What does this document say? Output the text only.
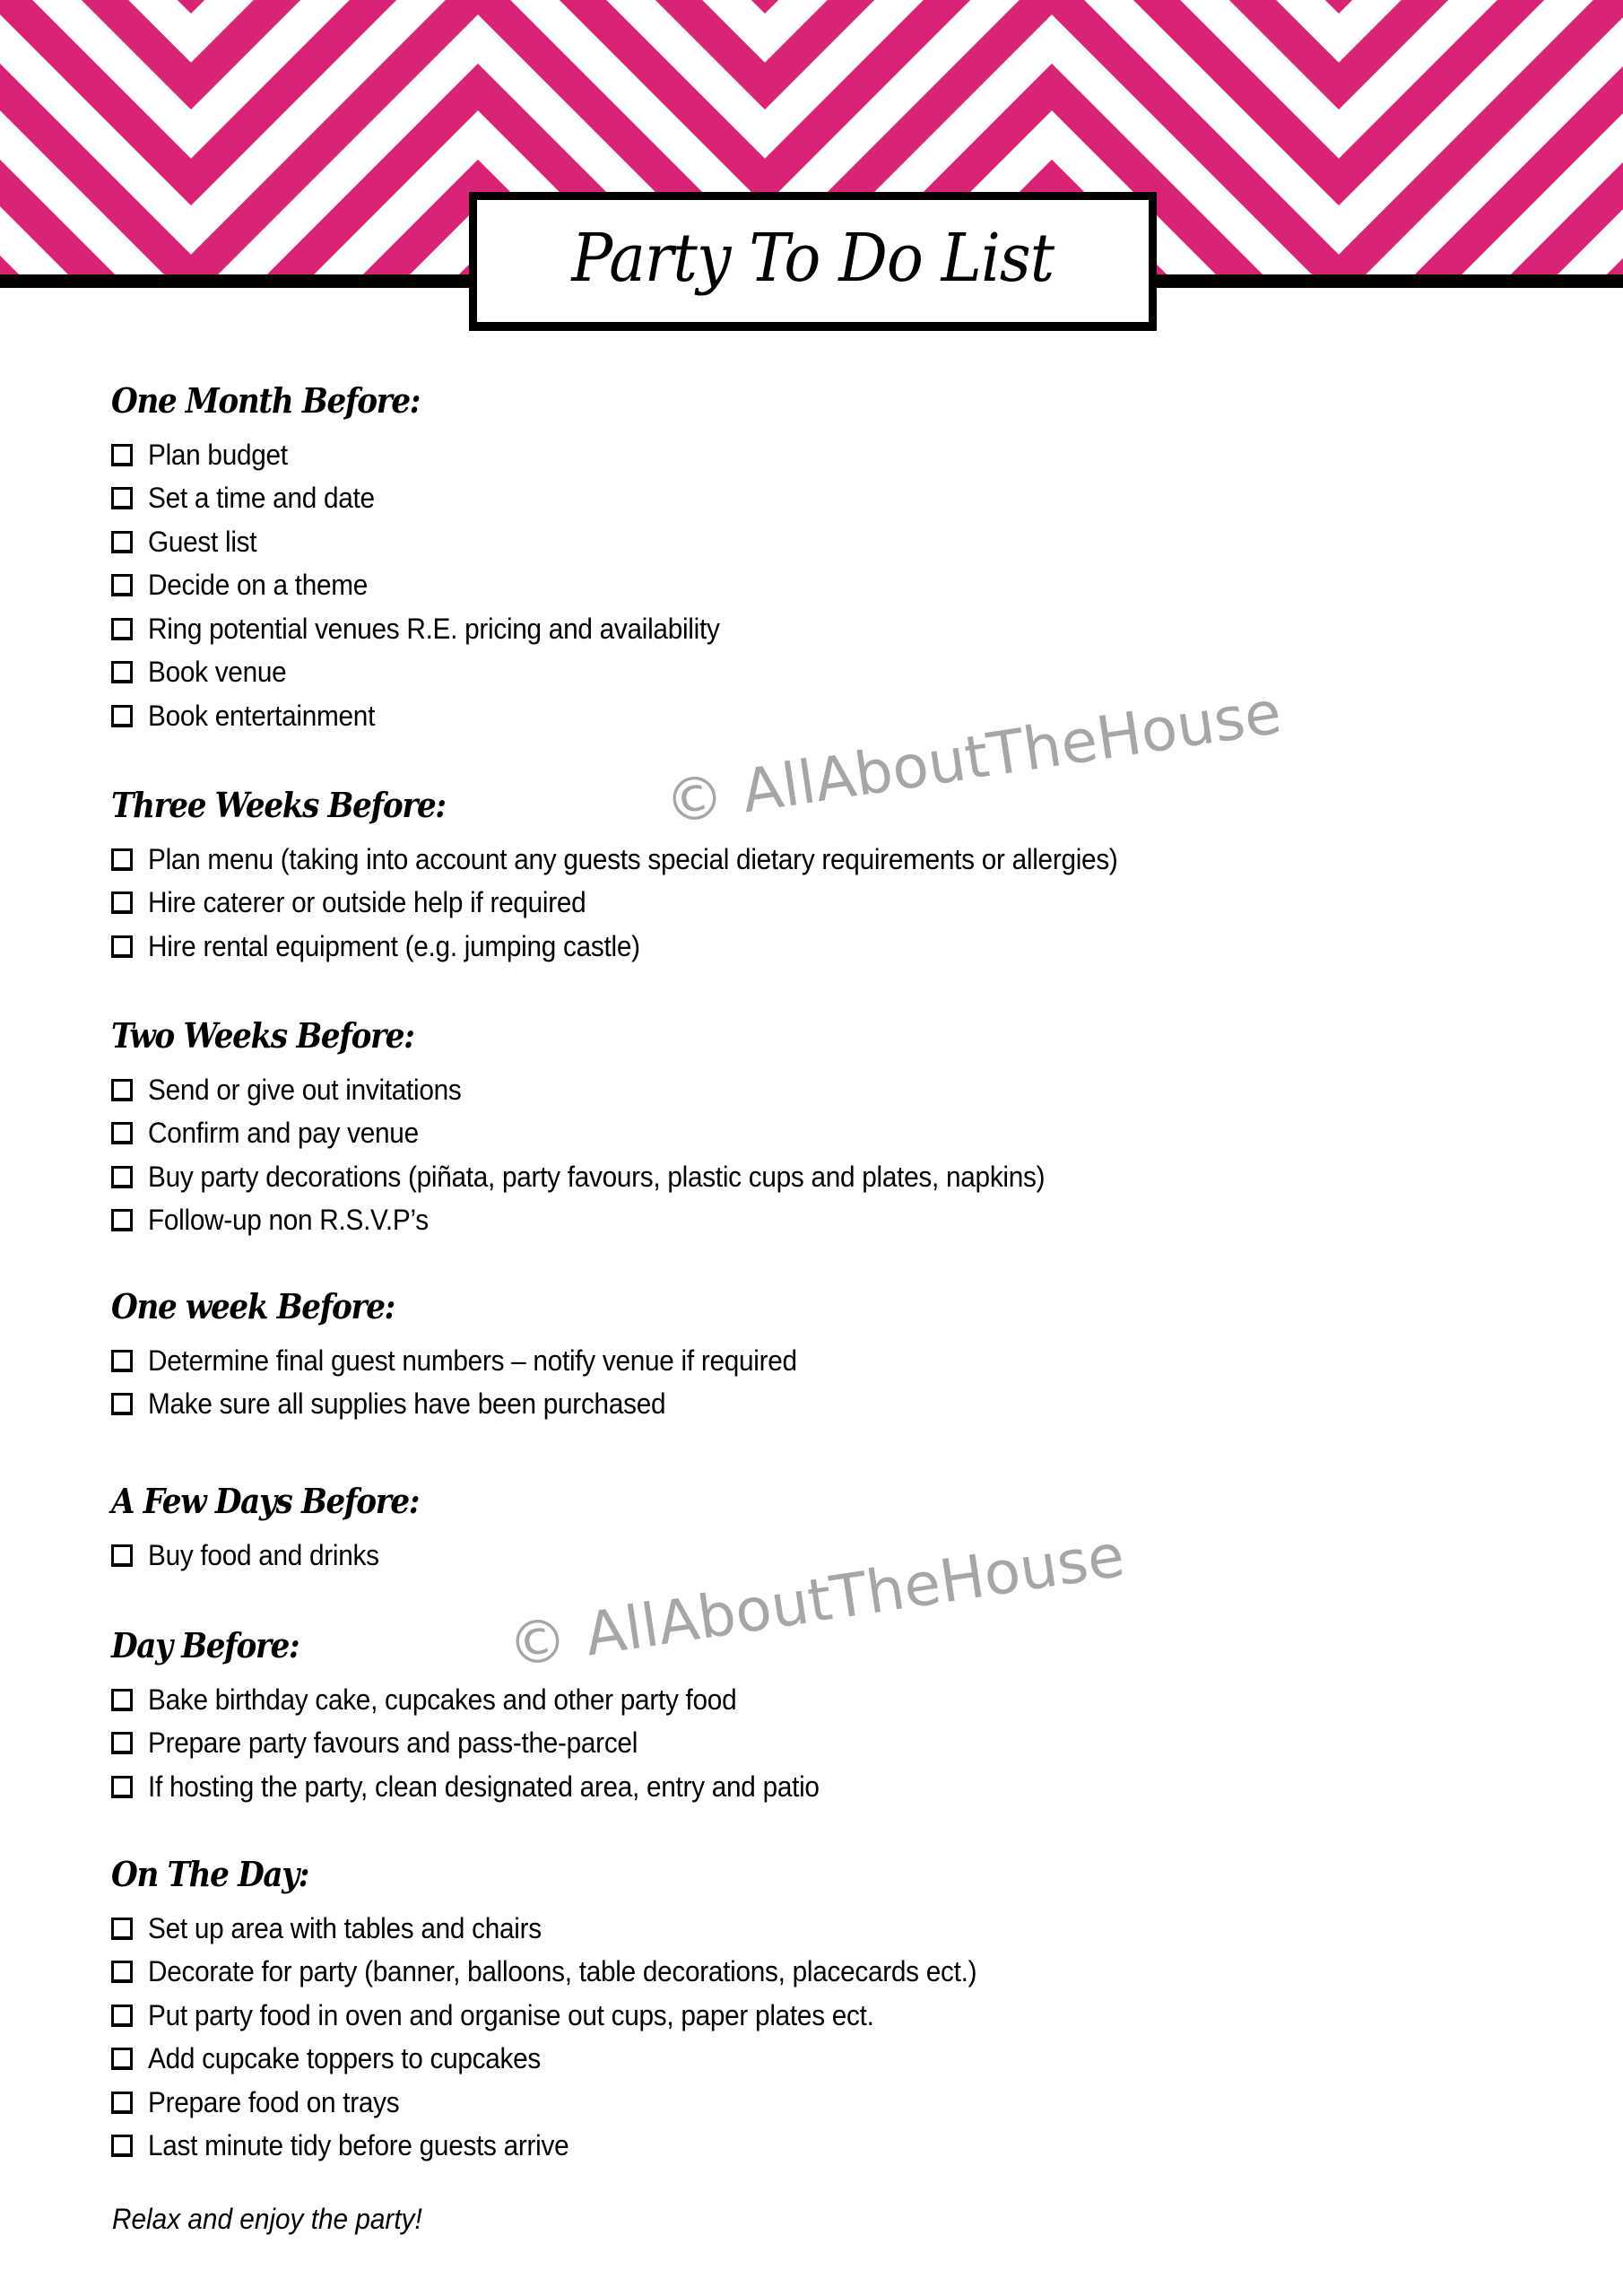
Party To Do List
© AllAboutTheHouse
© AllAboutTheHouse
One Month Before:
Plan budget
Set a time and date
Guest list
Decide on a theme
Ring potential venues R.E. pricing and availability
Book venue
Book entertainment
Three Weeks Before:
Plan menu (taking into account any guests special dietary requirements or allergies)
Hire caterer or outside help if required
Hire rental equipment (e.g. jumping castle)
Two Weeks Before:
Send or give out invitations
Confirm and pay venue
Buy party decorations (piñata, party favours, plastic cups and plates, napkins)
Follow-up non R.S.V.P’s
One week Before:
Determine final guest numbers – notify venue if required
Make sure all supplies have been purchased
A Few Days Before:
Buy food and drinks
Day Before:
Bake birthday cake, cupcakes and other party food
Prepare party favours and pass-the-parcel
If hosting the party, clean designated area, entry and patio
On The Day:
Set up area with tables and chairs
Decorate for party (banner, balloons, table decorations, placecards ect.)
Put party food in oven and organise out cups, paper plates ect.
Add cupcake toppers to cupcakes
Prepare food on trays
Last minute tidy before guests arrive
Relax and enjoy the party!
